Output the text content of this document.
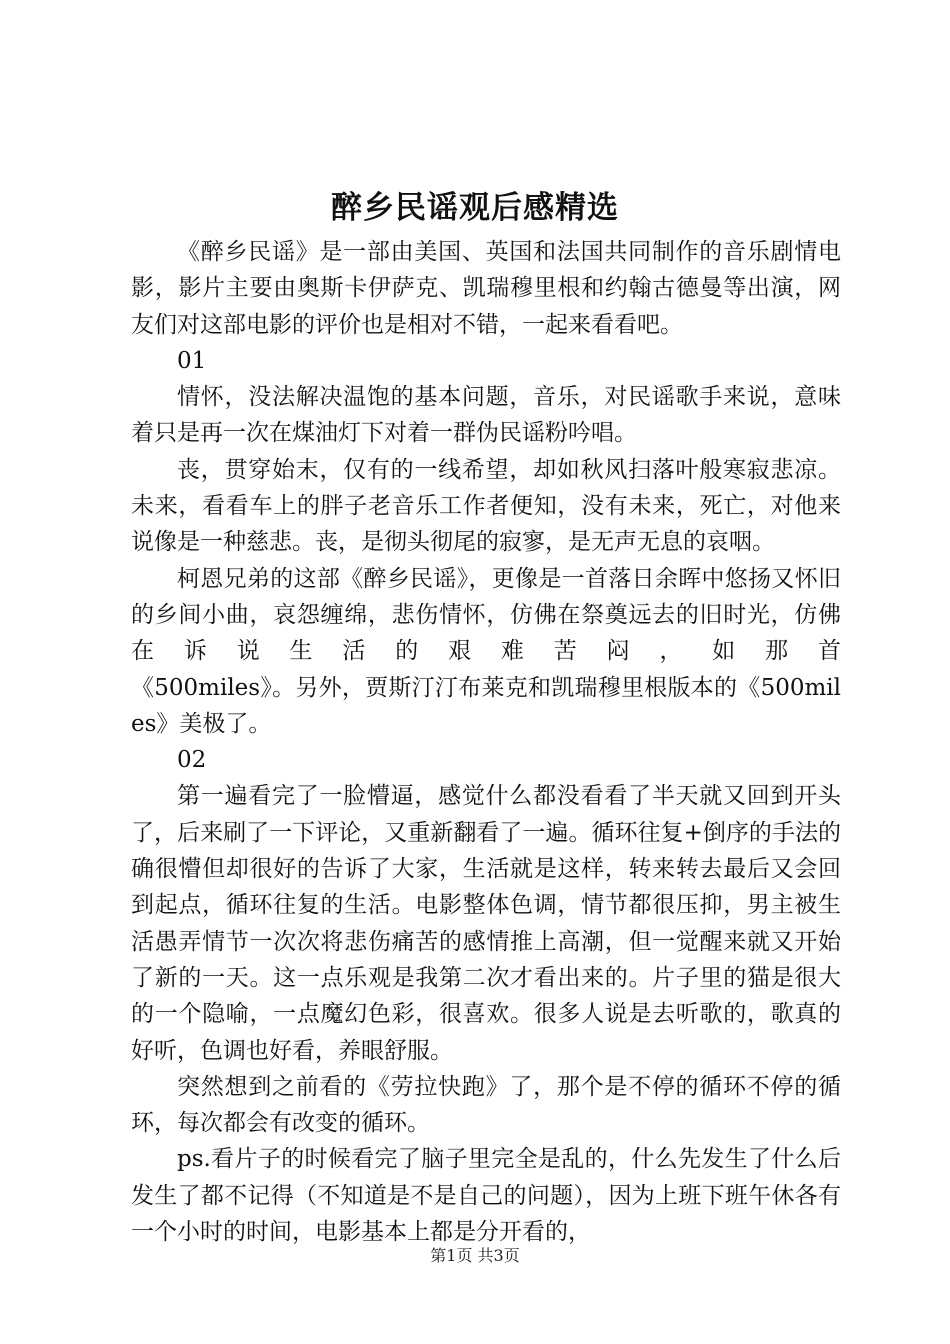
醉乡民谣观后感精选

《醉乡民谣》是一部由美国、英国和法国共同制作的音乐剧情电影，影片主要由奥斯卡伊萨克、凯瑞穆里根和约翰古德曼等出演，网友们对这部电影的评价也是相对不错，一起来看看吧。

01

情怀，没法解决温饱的基本问题，音乐，对民谣歌手来说，意味着只是再一次在煤油灯下对着一群伪民谣粉吟唱。

丧，贯穿始末，仅有的一线希望，却如秋风扫落叶般寒寂悲凉。未来，看看车上的胖子老音乐工作者便知，没有未来，死亡，对他来说像是一种慈悲。丧，是彻头彻尾的寂寥，是无声无息的哀咽。

柯恩兄弟的这部《醉乡民谣》，更像是一首落日余晖中悠扬又怀旧的乡间小曲，哀怨缠绵，悲伤情怀，仿佛在祭奠远去的旧时光，仿佛在诉说生活的艰难苦闷，如那首

《500miles》。另外，贾斯汀汀布莱克和凯瑞穆里根版本的《500miles》美极了。

02

第一遍看完了一脸懵逼，感觉什么都没看看了半天就又回到开头了，后来刷了一下评论，又重新翻看了一遍。循环往复+倒序的手法的确很懵但却很好的告诉了大家，生活就是这样，转来转去最后又会回到起点，循环往复的生活。电影整体色调，情节都很压抑，男主被生活愚弄情节一次次将悲伤痛苦的感情推上高潮，但一觉醒来就又开始了新的一天。这一点乐观是我第二次才看出来的。片子里的猫是很大的一个隐喻，一点魔幻色彩，很喜欢。很多人说是去听歌的，歌真的好听，色调也好看，养眼舒服。

突然想到之前看的《劳拉快跑》了，那个是不停的循环不停的循环，每次都会有改变的循环。

ps.看片子的时候看完了脑子里完全是乱的，什么先发生了什么后发生了都不记得（不知道是不是自己的问题），因为上班下班午休各有一个小时的时间，电影基本上都是分开看的，

第1页 共3页
